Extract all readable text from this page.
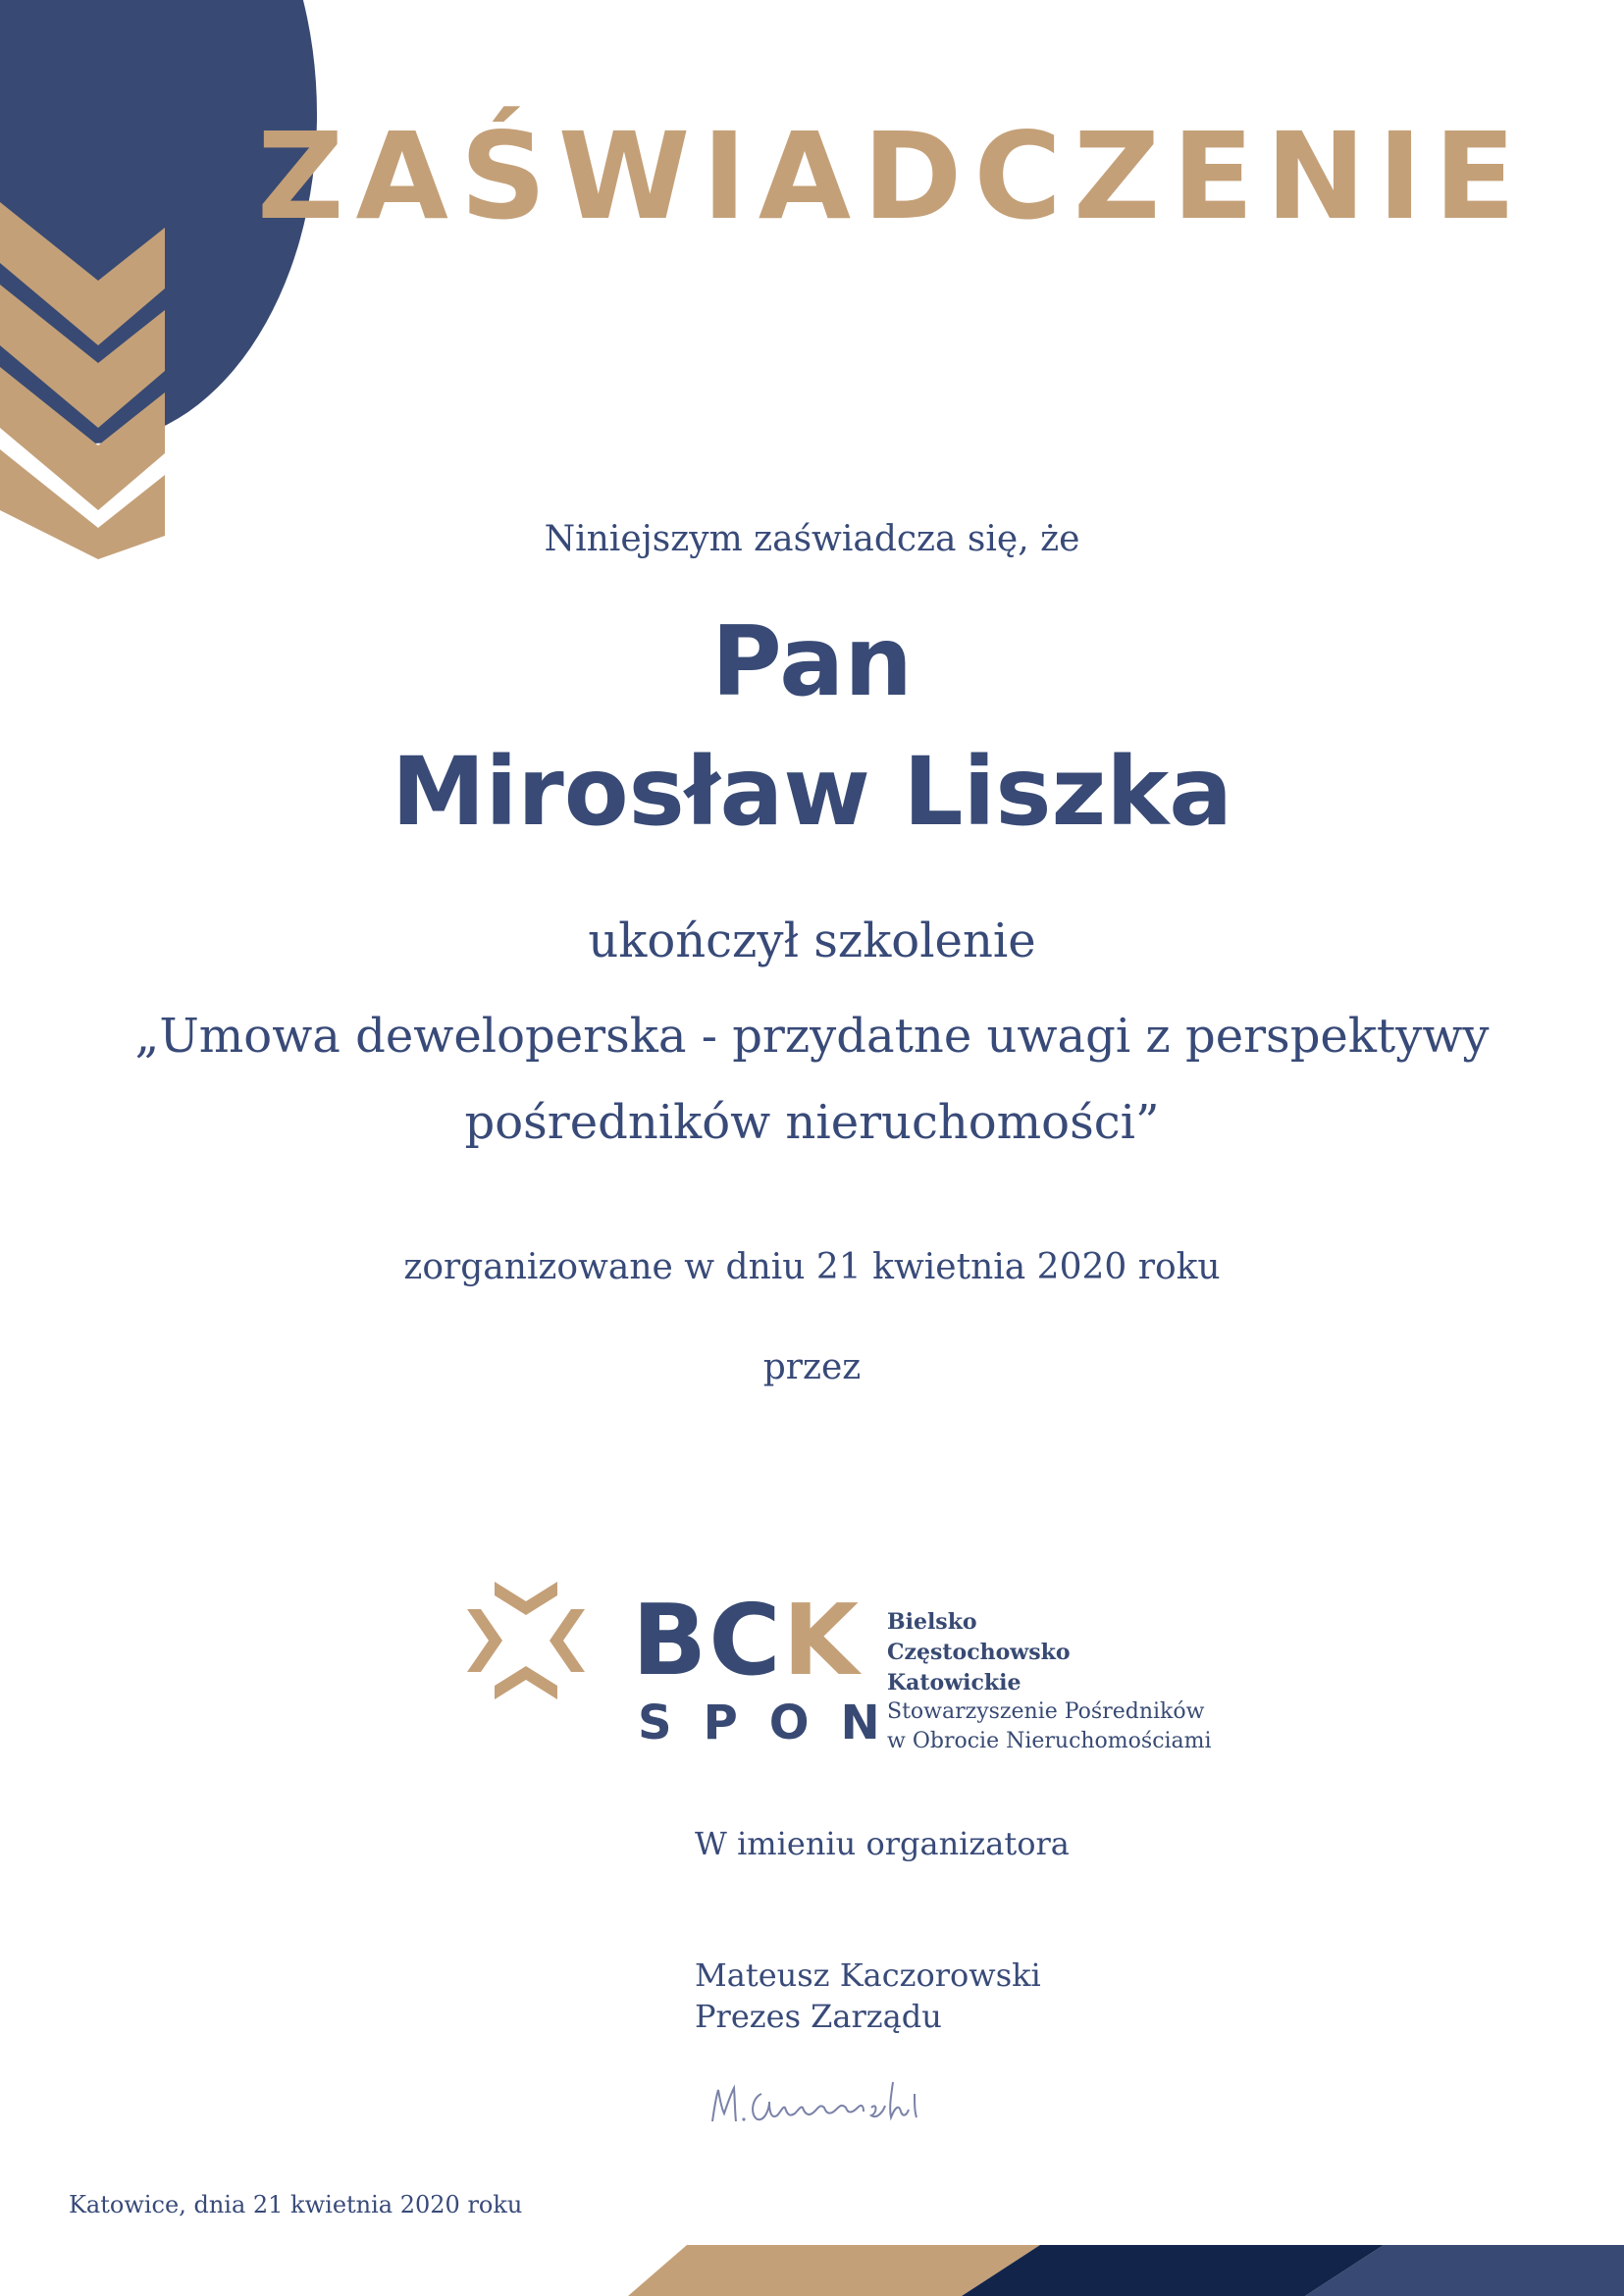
ZAŚWIADCZENIE
Niniejszym zaświadcza się, że
Pan
Mirosław Liszka
ukończył szkolenie
„Umowa deweloperska - przydatne uwagi z perspektywy
pośredników nieruchomości”
zorganizowane w dniu 21 kwietnia 2020 roku
przez
BCK
SPON
Bielsko
Częstochowsko
Katowickie
Stowarzyszenie Pośredników
w Obrocie Nieruchomościami
W imieniu organizatora
Mateusz Kaczorowski
Prezes Zarządu
Katowice, dnia 21 kwietnia 2020 roku
